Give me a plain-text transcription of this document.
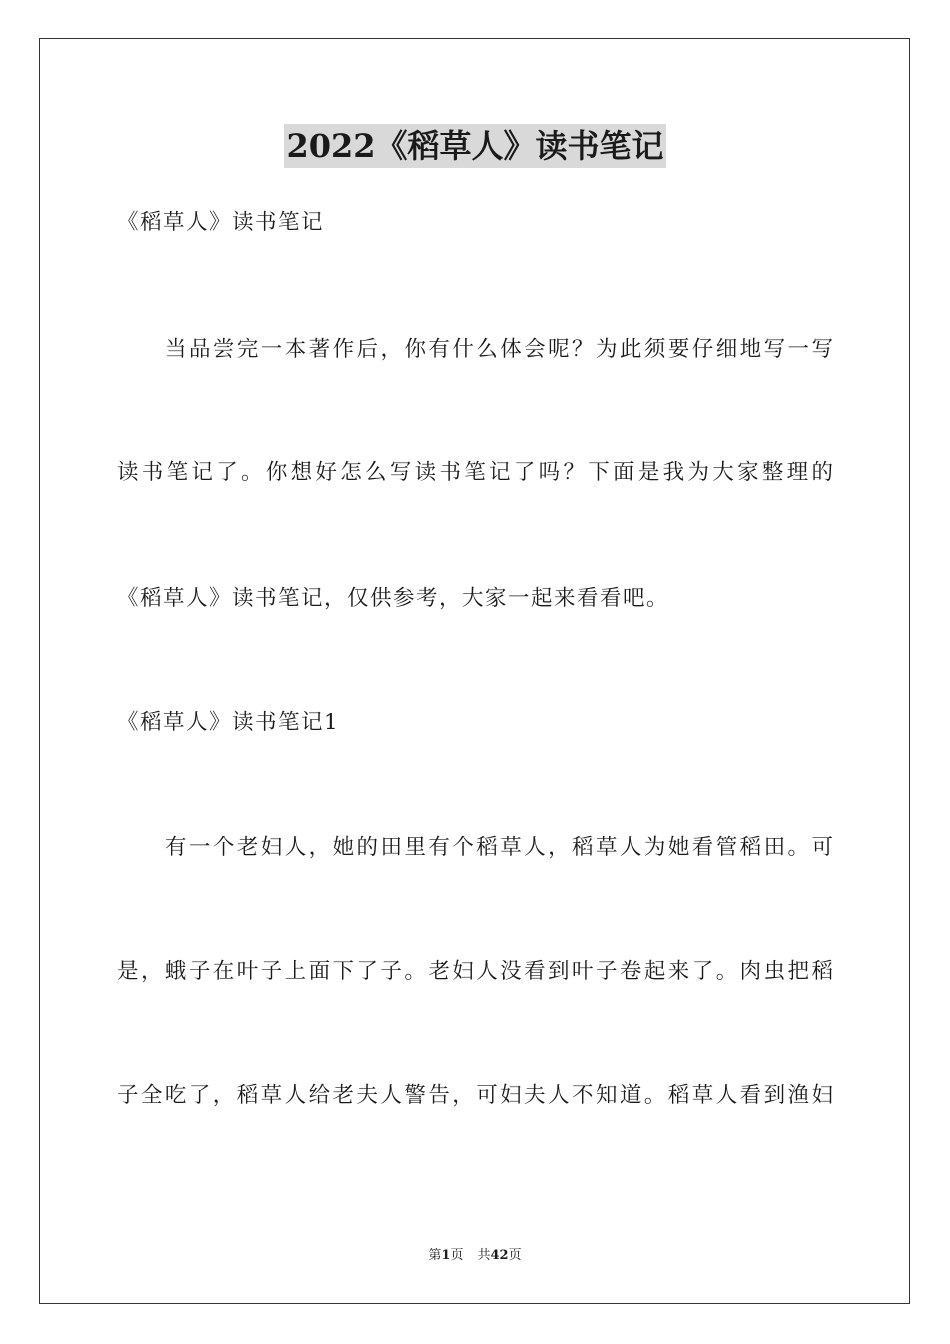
2022《稻草人》读书笔记
《稻草人》读书笔记
当品尝完一本著作后，你有什么体会呢？为此须要仔细地写一写
读书笔记了。你想好怎么写读书笔记了吗？下面是我为大家整理的
《稻草人》读书笔记，仅供参考，大家一起来看看吧。
《稻草人》读书笔记1
有一个老妇人，她的田里有个稻草人，稻草人为她看管稻田。可
是，蛾子在叶子上面下了子。老妇人没看到叶子卷起来了。肉虫把稻
子全吃了，稻草人给老夫人警告，可妇夫人不知道。稻草人看到渔妇
第1页 共42页
